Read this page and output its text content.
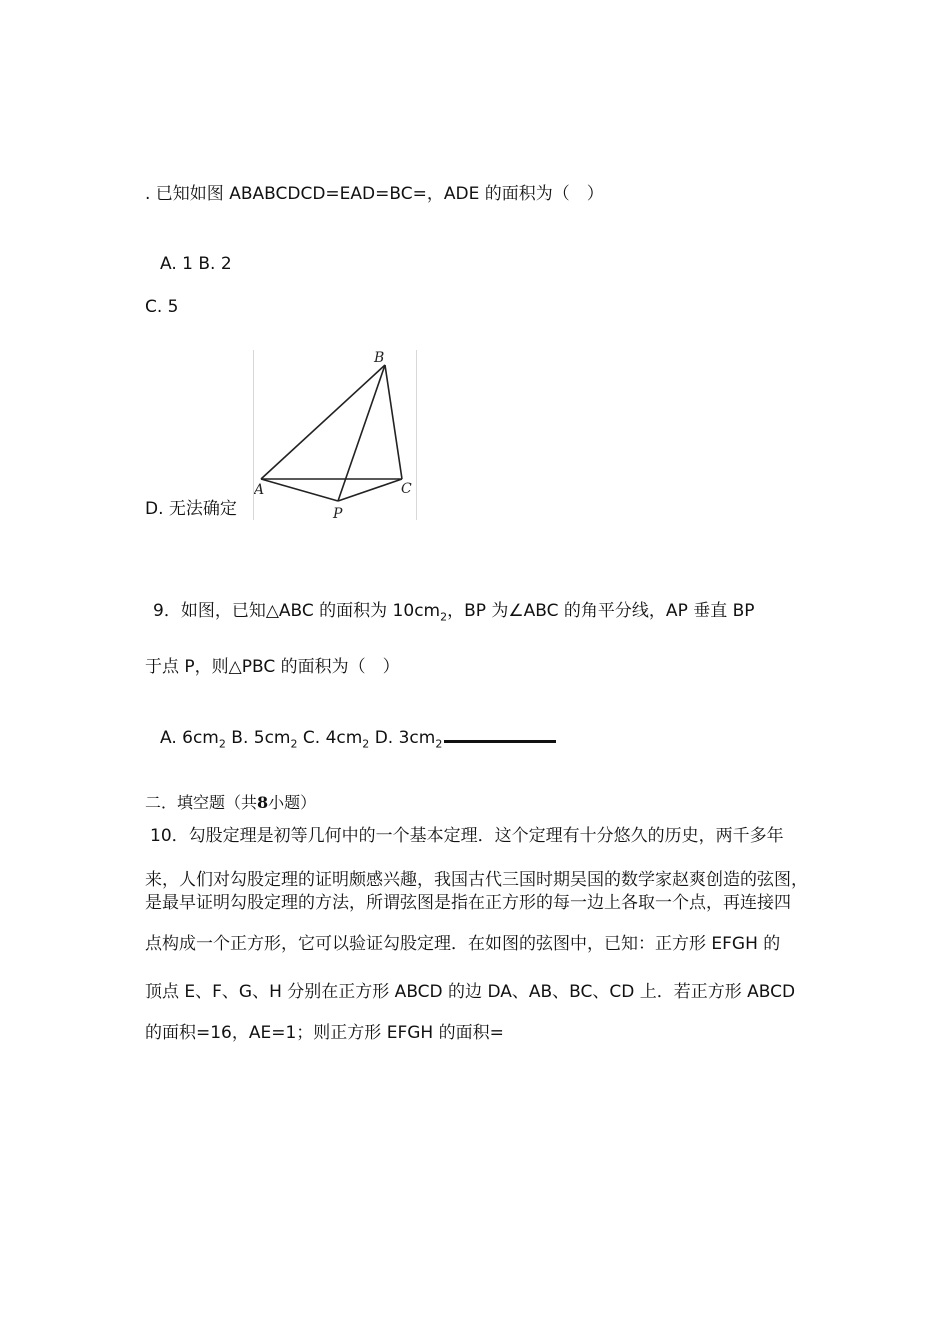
. 已知如图 ABABCDCD=EAD=BC=，ADE 的面积为（　）
A. 1 B. 2
C. 5
D. 无法确定
B
A	C
P
9．如图，已知△ABC 的面积为 $10cm_2$，BP 为∠ABC 的角平分线，AP 垂直 BP
于点 P，则△PBC 的面积为（　）
A. $6cm_2$ B. $5cm_2$ C. $4cm_2$ D. $3cm_2$
二．填空题（共8小题）
10．勾股定理是初等几何中的一个基本定理．这个定理有十分悠久的历史，两千多年
来，人们对勾股定理的证明颇感兴趣，我国古代三国时期吴国的数学家赵爽创造的弦图，
是最早证明勾股定理的方法，所谓弦图是指在正方形的每一边上各取一个点，再连接四
点构成一个正方形，它可以验证勾股定理．在如图的弦图中，已知：正方形 EFGH 的
顶点 E、F、G、H 分别在正方形 ABCD 的边 DA、AB、BC、CD 上．若正方形 ABCD
的面积=16，AE=1；则正方形 EFGH 的面积=
